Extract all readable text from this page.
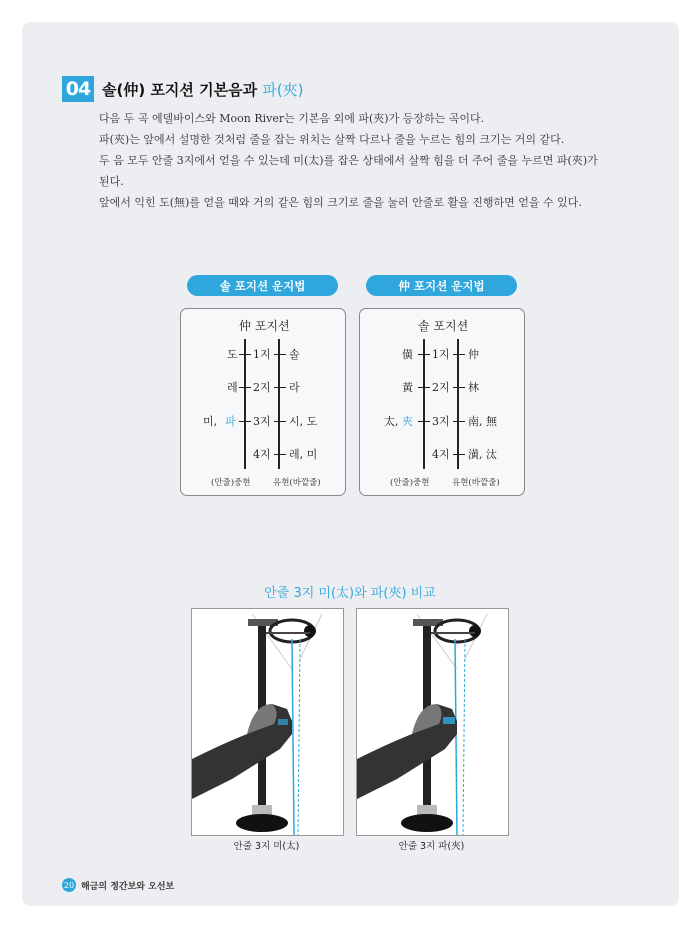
04 솔(仲) 포지션 기본음과 파(夾)

다음 두 곡 에델바이스와 Moon River는 기본음 외에 파(夾)가 등장하는 곡이다.

파(夾)는 앞에서 설명한 것처럼 줄을 잡는 위치는 살짝 다르나 줄을 누르는 힘의 크기는 거의 같다.

두 음 모두 안줄 3지에서 얻을 수 있는데 미(太)를 잡은 상태에서 살짝 힘을 더 주어 줄을 누르면 파(夾)가

된다.

앞에서 익힌 도(無)를 얻을 때와 거의 같은 힘의 크기로 줄을 눌러 안줄로 활을 진행하면 얻을 수 있다.

솔 포지션 운지법
仲 포지션
도 1지 솔
레 2지 라
미, 파 3지 시, 도
4지 레, 미
(안줄)중현	유현(바깥줄)
仲 포지션 운지법
솔 포지션
僙 1지 仲
黃 2지 林
太, 夾 3지 南, 無
4지 潢, 汰
(안줄)중현	유현(바깥줄)
안줄 3지 미(太)와 파(夾) 비교
안줄 3지 미(太)	안줄 3지 파(夾)
20 해금의 정간보와 오선보
